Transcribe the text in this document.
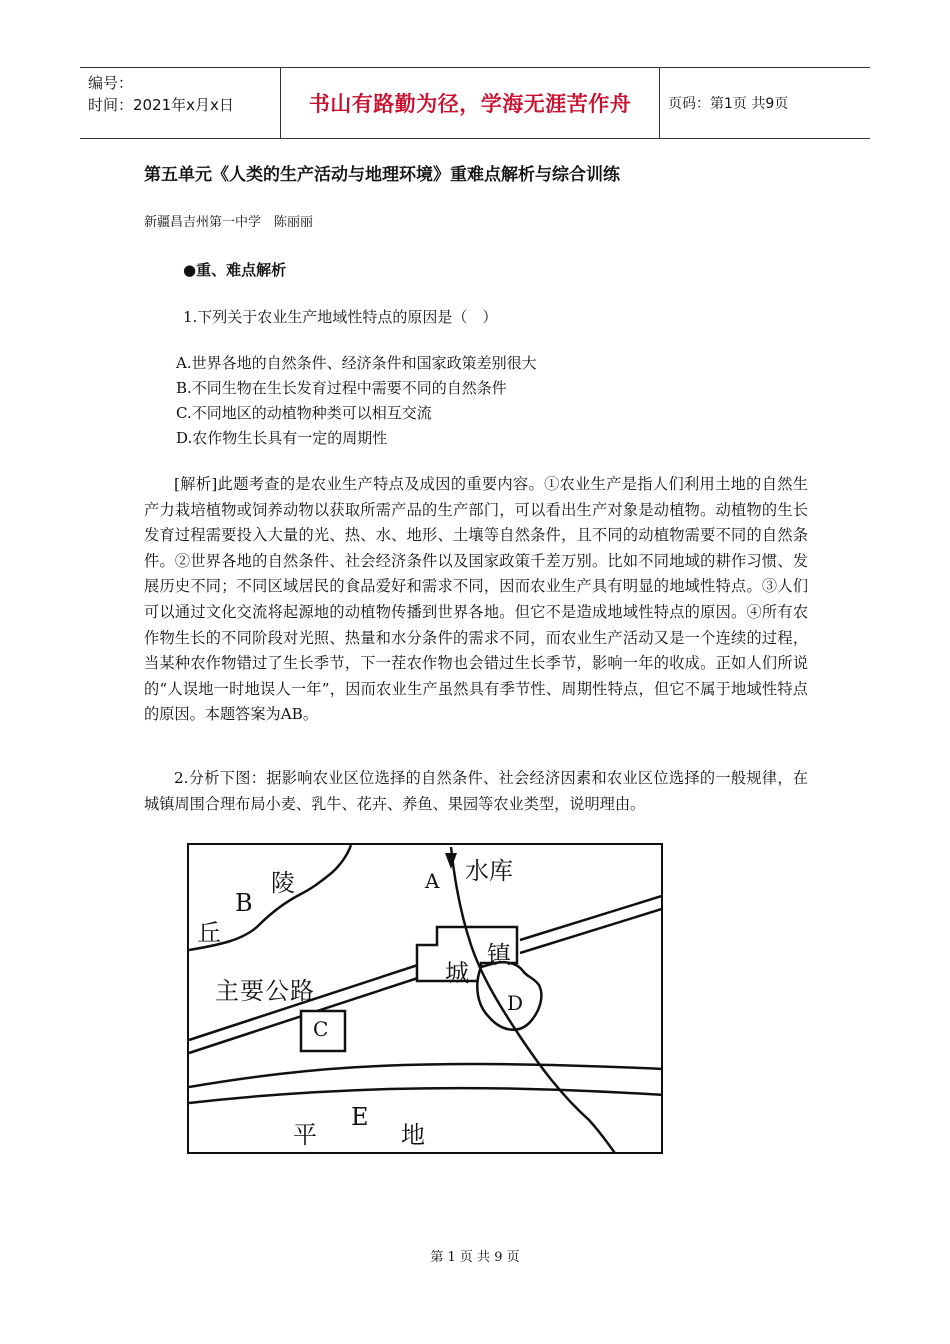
编号：
时间：2021年x月x日	书山有路勤为径，学海无涯苦作舟	页码：第1页 共9页
第五单元《人类的生产活动与地理环境》重难点解析与综合训练
新疆昌吉州第一中学　陈丽丽
●重、难点解析
1.下列关于农业生产地域性特点的原因是（　）
A.世界各地的自然条件、经济条件和国家政策差别很大
B.不同生物在生长发育过程中需要不同的自然条件
C.不同地区的动植物种类可以相互交流
D.农作物生长具有一定的周期性
[解析]此题考查的是农业生产特点及成因的重要内容。①农业生产是指人们利用土地的自然生产力栽培植物或饲养动物以获取所需产品的生产部门，可以看出生产对象是动植物。动植物的生长发育过程需要投入大量的光、热、水、地形、土壤等自然条件，且不同的动植物需要不同的自然条件。②世界各地的自然条件、社会经济条件以及国家政策千差万别。比如不同地域的耕作习惯、发展历史不同；不同区域居民的食品爱好和需求不同，因而农业生产具有明显的地域性特点。③人们可以通过文化交流将起源地的动植物传播到世界各地。但它不是造成地域性特点的原因。④所有农作物生长的不同阶段对光照、热量和水分条件的需求不同，而农业生产活动又是一个连续的过程，当某种农作物错过了生长季节，下一茬农作物也会错过生长季节，影响一年的收成。正如人们所说的“人误地一时地误人一年”，因而农业生产虽然具有季节性、周期性特点，但它不属于地域性特点的原因。本题答案为AB。
2.分析下图：据影响农业区位选择的自然条件、社会经济因素和农业区位选择的一般规律，在城镇周围合理布局小麦、乳牛、花卉、养鱼、果园等农业类型，说明理由。
陵
丘
B
A 水库
主要公路
城
镇
C
D
平
E
地
第 1 页 共 9 页
